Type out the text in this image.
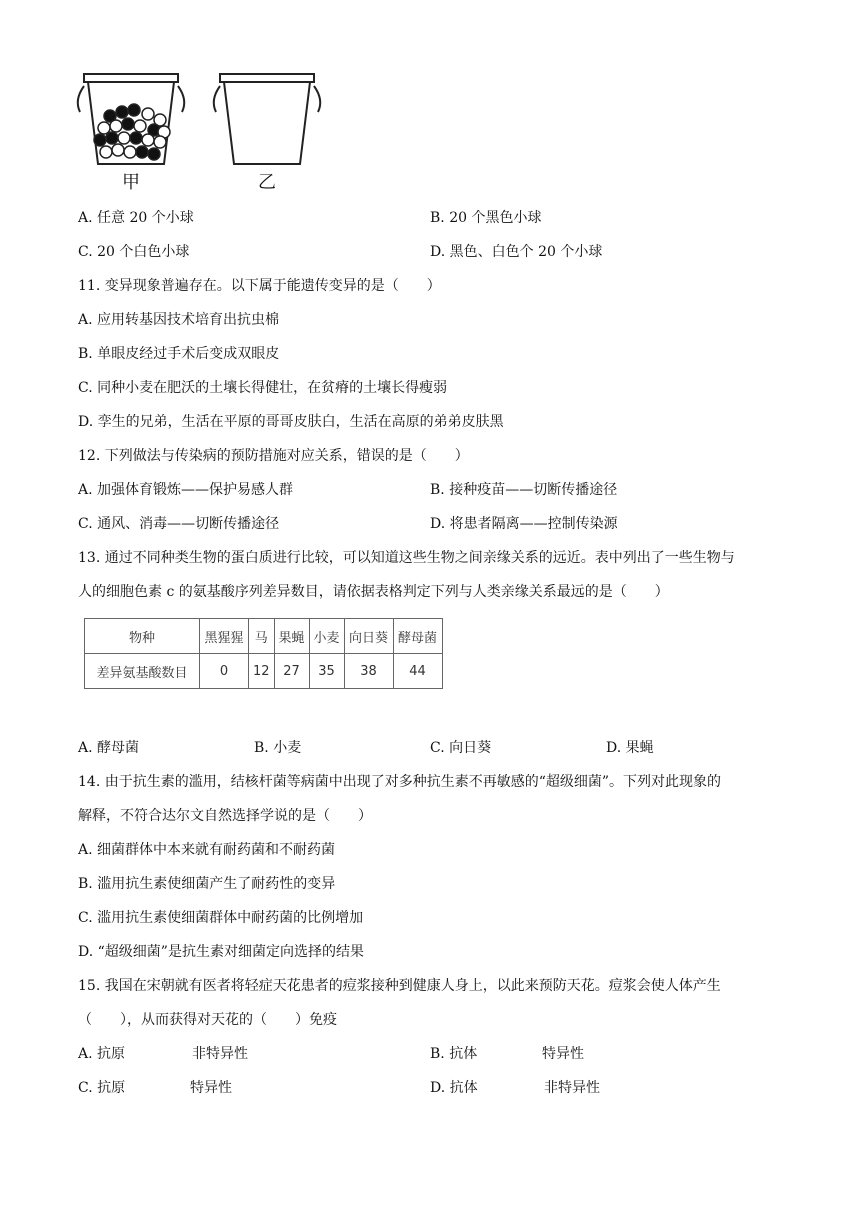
甲	乙
A. 任意 20 个小球	B. 20 个黑色小球
C. 20 个白色小球	D. 黑色、白色个 20 个小球
11. 变异现象普遍存在。以下属于能遗传变异的是（　　）
A. 应用转基因技术培育出抗虫棉
B. 单眼皮经过手术后变成双眼皮
C. 同种小麦在肥沃的土壤长得健壮，在贫瘠的土壤长得瘦弱
D. 孪生的兄弟，生活在平原的哥哥皮肤白，生活在高原的弟弟皮肤黑
12. 下列做法与传染病的预防措施对应关系，错误的是（　　）
A. 加强体育锻炼——保护易感人群	B. 接种疫苗——切断传播途径
C. 通风、消毒——切断传播途径	D. 将患者隔离——控制传染源
13. 通过不同种类生物的蛋白质进行比较，可以知道这些生物之间亲缘关系的远近。表中列出了一些生物与
人的细胞色素 c 的氨基酸序列差异数目，请依据表格判定下列与人类亲缘关系最远的是（　　）
物种	黑猩猩	马	果蝇	小麦	向日葵	酵母菌
差异氨基酸数目	0	12	27	35	38	44
A. 酵母菌	B. 小麦	C. 向日葵	D. 果蝇
14. 由于抗生素的滥用，结核杆菌等病菌中出现了对多种抗生素不再敏感的“超级细菌”。下列对此现象的
解释，不符合达尔文自然选择学说的是（　　）
A. 细菌群体中本来就有耐药菌和不耐药菌
B. 滥用抗生素使细菌产生了耐药性的变异
C. 滥用抗生素使细菌群体中耐药菌的比例增加
D. “超级细菌”是抗生素对细菌定向选择的结果
15. 我国在宋朝就有医者将轻症天花患者的痘浆接种到健康人身上，以此来预防天花。痘浆会使人体产生
（　　），从而获得对天花的（　　）免疫
A. 抗原	非特异性	B. 抗体	特异性
C. 抗原	特异性	D. 抗体	非特异性
